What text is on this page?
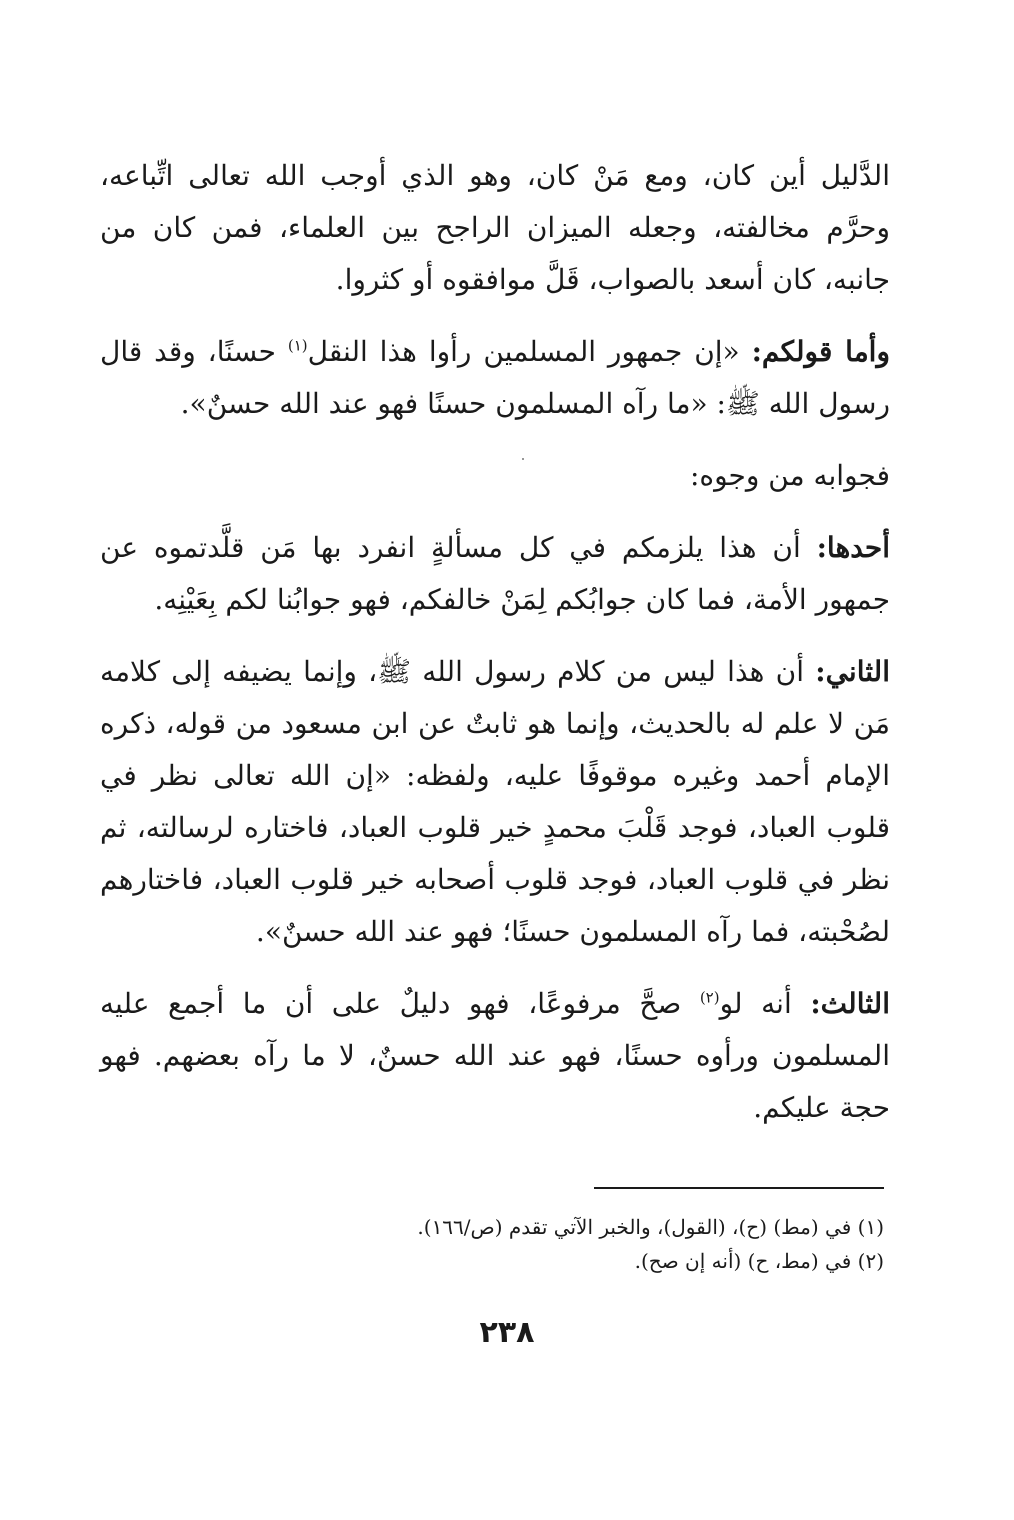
الدَّليل أين كان، ومع مَنْ كان، وهو الذي أوجب الله تعالى اتِّباعه، وحرَّم مخالفته، وجعله الميزان الراجح بين العلماء، فمن كان من جانبه، كان أسعد بالصواب، قَلَّ موافقوه أو كثروا.

وأما قولكم: «إن جمهور المسلمين رأوا هذا النقل$^{(١)}$ حسنًا، وقد قال رسول الله ﷺ: «ما رآه المسلمون حسنًا فهو عند الله حسنٌ».

فجوابه من وجوه:

أحدها: أن هذا يلزمكم في كل مسألةٍ انفرد بها مَن قلَّدتموه عن جمهور الأمة، فما كان جوابُكم لِمَنْ خالفكم، فهو جوابُنا لكم بِعَيْنِه.

الثاني: أن هذا ليس من كلام رسول الله ﷺ، وإنما يضيفه إلى كلامه مَن لا علم له بالحديث، وإنما هو ثابتٌ عن ابن مسعود من قوله، ذكره الإمام أحمد وغيره موقوفًا عليه، ولفظه: «إن الله تعالى نظر في قلوب العباد، فوجد قَلْبَ محمدٍ خير قلوب العباد، فاختاره لرسالته، ثم نظر في قلوب العباد، فوجد قلوب أصحابه خير قلوب العباد، فاختارهم لصُحْبته، فما رآه المسلمون حسنًا؛ فهو عند الله حسنٌ».

الثالث: أنه لو$^{(٢)}$ صحَّ مرفوعًا، فهو دليلٌ على أن ما أجمع عليه المسلمون ورأوه حسنًا، فهو عند الله حسنٌ، لا ما رآه بعضهم. فهو حجة عليكم.

(١) في (مط) (ح)، (القول)، والخبر الآتي تقدم (ص/١٦٦).
(٢) في (مط، ح) (أنه إن صح).
٢٣٨
